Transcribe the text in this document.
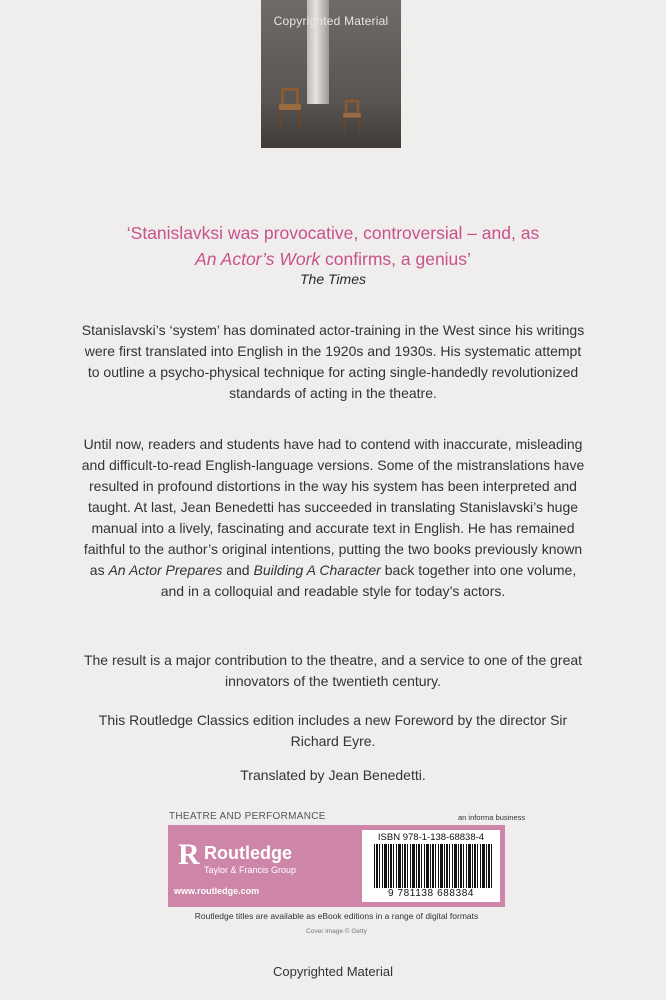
Copyrighted Material
‘Stanislavksi was provocative, controversial – and, as
An Actor’s Work confirms, a genius’
The Times
Stanislavski’s ‘system’ has dominated actor-training in the West since his writings were first translated into English in the 1920s and 1930s. His systematic attempt to outline a psycho-physical technique for acting single-handedly revolutionized standards of acting in the theatre.
Until now, readers and students have had to contend with inaccurate, misleading and difficult-to-read English-language versions. Some of the mistranslations have resulted in profound distortions in the way his system has been interpreted and taught. At last, Jean Benedetti has succeeded in translating Stanislavski’s huge manual into a lively, fascinating and accurate text in English. He has remained faithful to the author’s original intentions, putting the two books previously known as An Actor Prepares and Building A Character back together into one volume, and in a colloquial and readable style for today’s actors.
The result is a major contribution to the theatre, and a service to one of the great innovators of the twentieth century.
This Routledge Classics edition includes a new Foreword by the director Sir Richard Eyre.
Translated by Jean Benedetti.
THEATRE AND PERFORMANCE	an informa business
R Routledge
Taylor & Francis Group
www.routledge.com
ISBN 978-1-138-68838-4
9 781138 688384
Routledge titles are available as eBook editions in a range of digital formats
Cover image © Getty
Copyrighted Material
